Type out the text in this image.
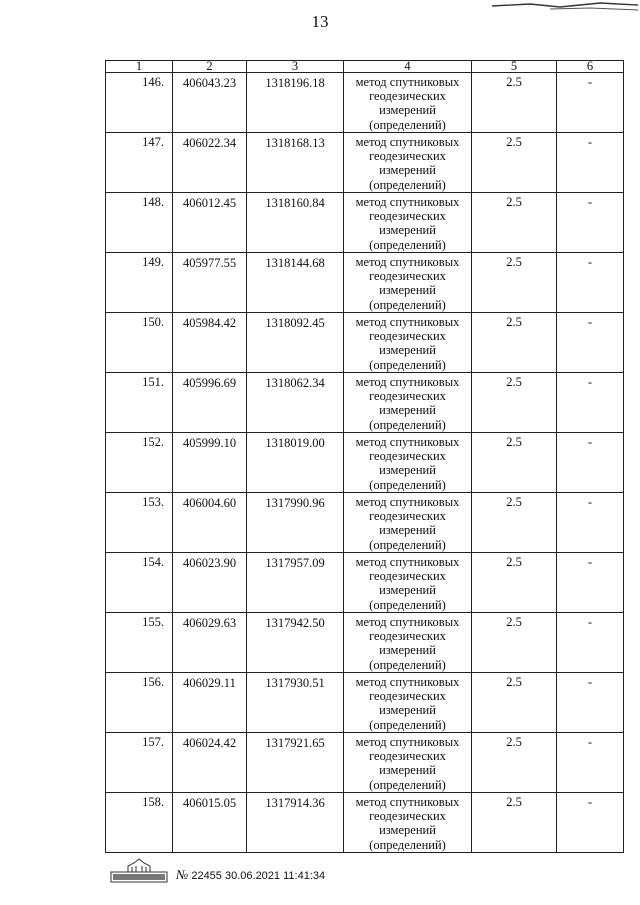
13
1	2	3	4	5	6
146.	406043.23	1318196.18	метод спутниковых
геодезических
измерений
(определений)	2.5	-
147.	406022.34	1318168.13	метод спутниковых
геодезических
измерений
(определений)	2.5	-
148.	406012.45	1318160.84	метод спутниковых
геодезических
измерений
(определений)	2.5	-
149.	405977.55	1318144.68	метод спутниковых
геодезических
измерений
(определений)	2.5	-
150.	405984.42	1318092.45	метод спутниковых
геодезических
измерений
(определений)	2.5	-
151.	405996.69	1318062.34	метод спутниковых
геодезических
измерений
(определений)	2.5	-
152.	405999.10	1318019.00	метод спутниковых
геодезических
измерений
(определений)	2.5	-
153.	406004.60	1317990.96	метод спутниковых
геодезических
измерений
(определений)	2.5	-
154.	406023.90	1317957.09	метод спутниковых
геодезических
измерений
(определений)	2.5	-
155.	406029.63	1317942.50	метод спутниковых
геодезических
измерений
(определений)	2.5	-
156.	406029.11	1317930.51	метод спутниковых
геодезических
измерений
(определений)	2.5	-
157.	406024.42	1317921.65	метод спутниковых
геодезических
измерений
(определений)	2.5	-
158.	406015.05	1317914.36	метод спутниковых
геодезических
измерений
(определений)	2.5	-
№ 22455 30.06.2021 11:41:34
